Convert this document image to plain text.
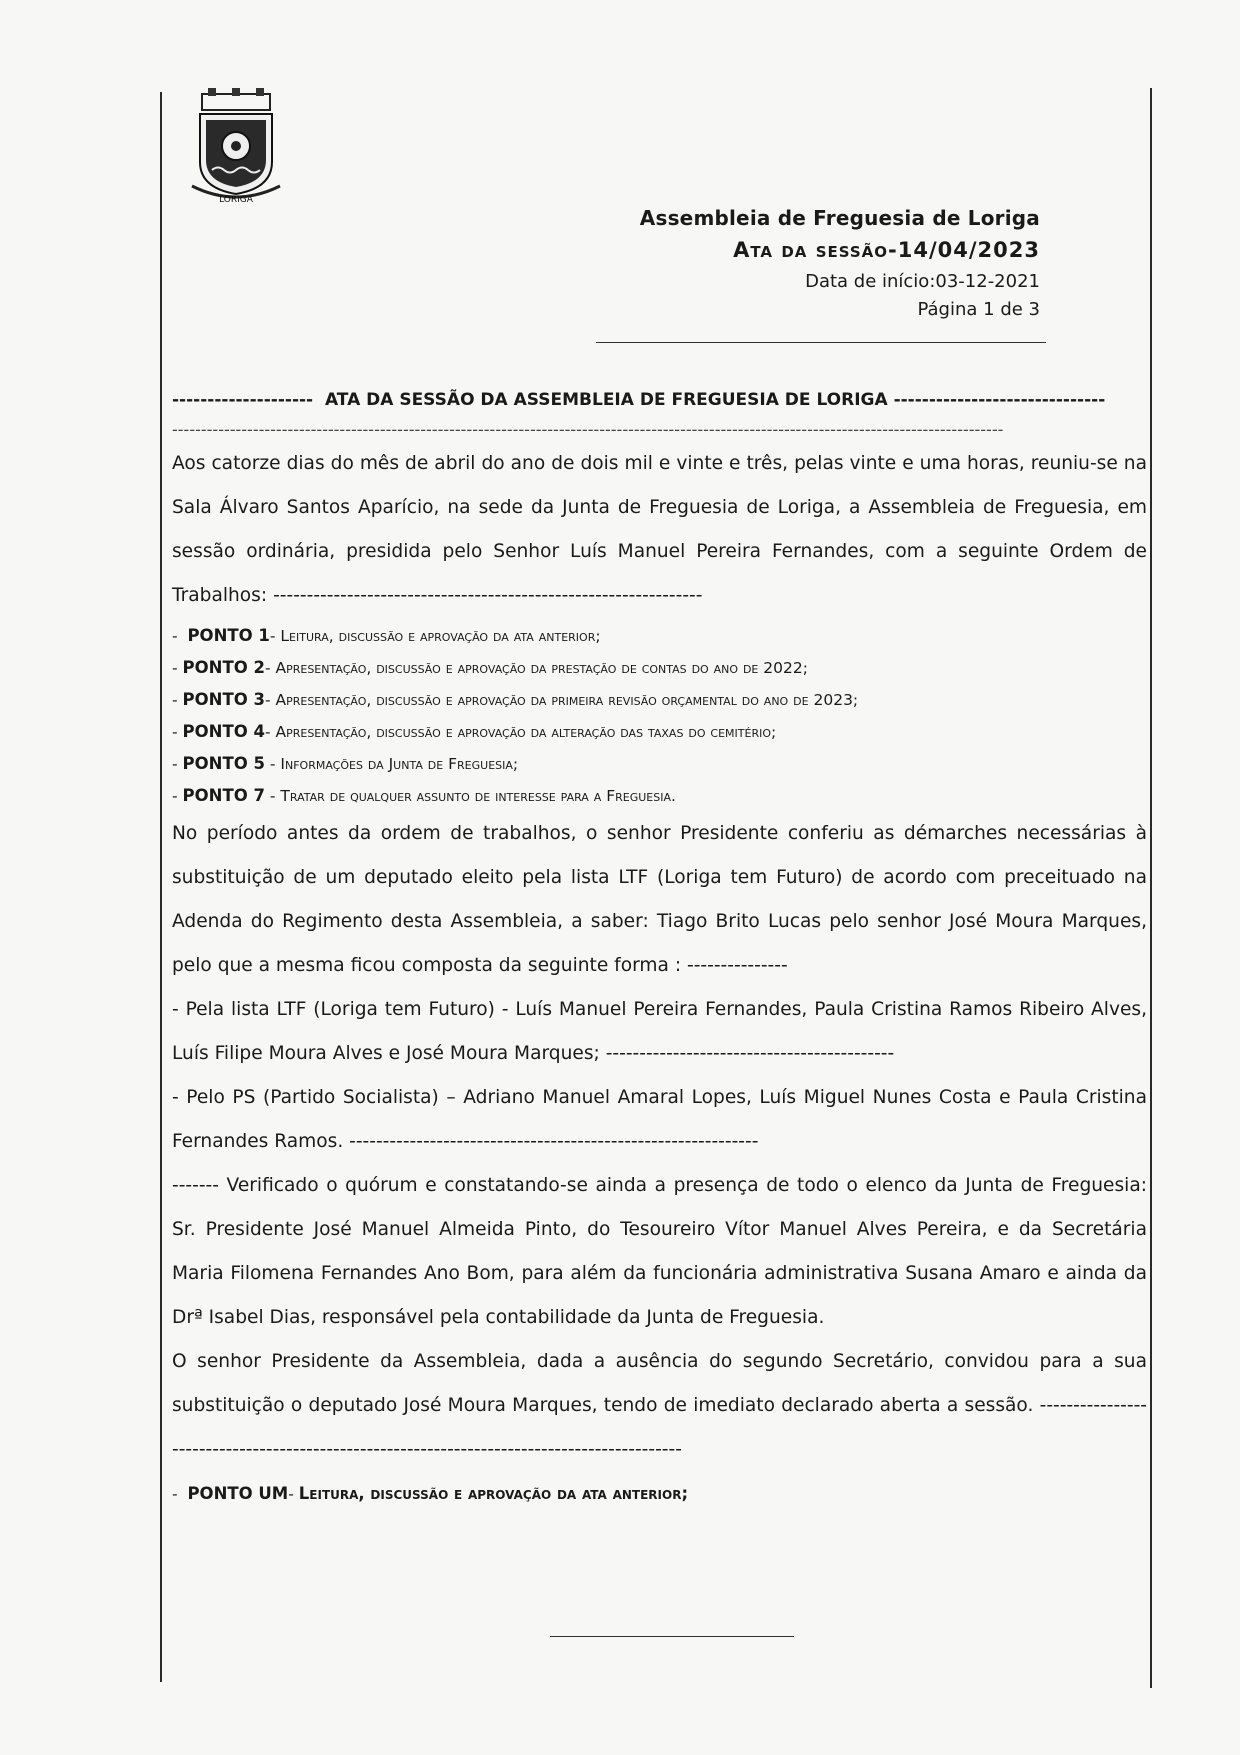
LORIGA
Assembleia de Freguesia de Loriga
Ata da sessão-14/04/2023
Data de início:03-12-2021
Página 1 de 3
--------------------  ATA DA SESSÃO DA ASSEMBLEIA DE FREGUESIA DE LORIGA ------------------------------
------------------------------------------------------------------------------------------------------------------------------------------------

Aos catorze dias do mês de abril do ano de dois mil e vinte e três, pelas vinte e uma horas, reuniu-se na Sala Álvaro Santos Aparício, na sede da Junta de Freguesia de Loriga, a Assembleia de Freguesia, em sessão ordinária, presidida pelo Senhor Luís Manuel Pereira Fernandes, com a seguinte Ordem de Trabalhos: ----------------------------------------------------------------

-  PONTO 1- Leitura, discussão e aprovação da ata anterior;
- PONTO 2- Apresentação, discussão e aprovação da prestação de contas do ano de 2022;
- PONTO 3- Apresentação, discussão e aprovação da primeira revisão orçamental do ano de 2023;
- PONTO 4- Apresentação, discussão e aprovação da alteração das taxas do cemitério;
- PONTO 5 - Informações da Junta de Freguesia;
- PONTO 7 - Tratar de qualquer assunto de interesse para a Freguesia.

No período antes da ordem de trabalhos, o senhor Presidente conferiu as démarches necessárias à substituição de um deputado eleito pela lista LTF (Loriga tem Futuro) de acordo com preceituado na Adenda do Regimento desta Assembleia, a saber: Tiago Brito Lucas pelo senhor José Moura Marques, pelo que a mesma ficou composta da seguinte forma : ---------------

- Pela lista LTF (Loriga tem Futuro) - Luís Manuel Pereira Fernandes, Paula Cristina Ramos Ribeiro Alves, Luís Filipe Moura Alves e José Moura Marques; -------------------------------------------

- Pelo PS (Partido Socialista) – Adriano Manuel Amaral Lopes, Luís Miguel Nunes Costa e Paula Cristina Fernandes Ramos. -------------------------------------------------------------

------- Verificado o quórum e constatando-se ainda a presença de todo o elenco da Junta de Freguesia: Sr. Presidente José Manuel Almeida Pinto, do Tesoureiro Vítor Manuel Alves Pereira, e da Secretária Maria Filomena Fernandes Ano Bom, para além da funcionária administrativa Susana Amaro e ainda da Drª Isabel Dias, responsável pela contabilidade da Junta de Freguesia.

O senhor Presidente da Assembleia, dada a ausência do segundo Secretário, convidou para a sua substituição o deputado José Moura Marques, tendo de imediato declarado aberta a sessão. --------------------------------------------------------------------------------------------

-  PONTO UM- Leitura, discussão e aprovação da ata anterior;
